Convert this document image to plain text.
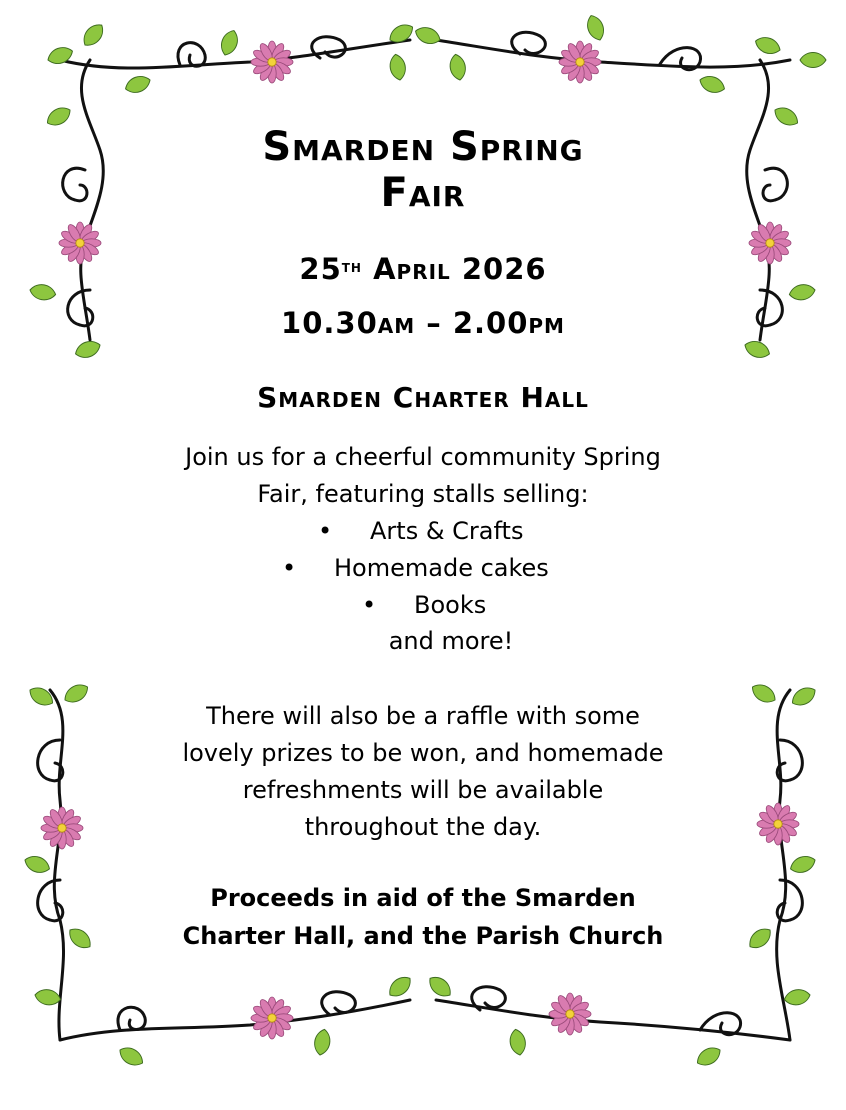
Smarden Spring
Fair
25th April 2026
10.30am – 2.00pm
Smarden Charter Hall
Join us for a cheerful community Spring
Fair, featuring stalls selling:
• Arts & Crafts
• Homemade cakes
• Books
and more!
There will also be a raffle with some
lovely prizes to be won, and homemade
refreshments will be available
throughout the day.
Proceeds in aid of the Smarden
Charter Hall, and the Parish Church
